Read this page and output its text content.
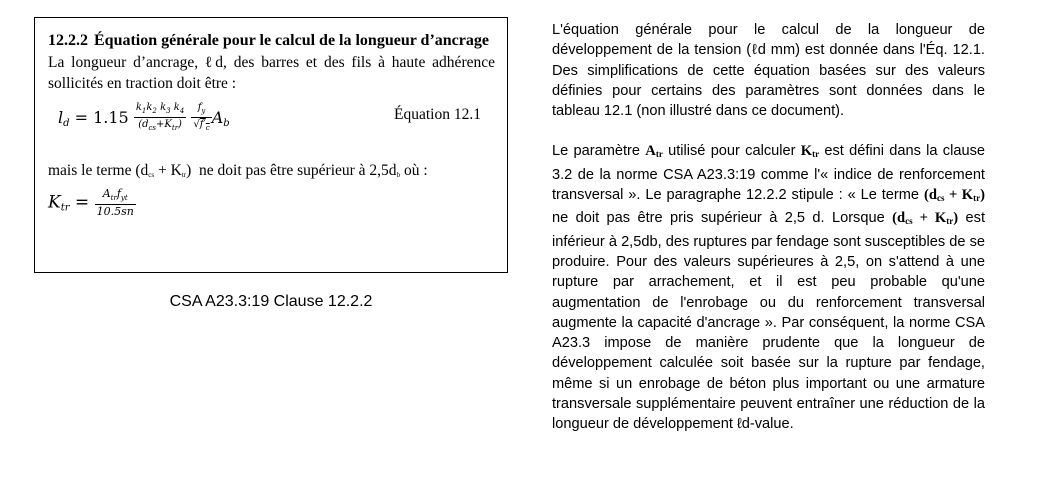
12.2.2 Équation générale pour le calcul de la longueur d’ancrage
La longueur d’ancrage, ℓd, des barres et des fils à haute adhérence sollicités en traction doit être :
$l_d = 1.15 \frac{k_1k_2 k_3 k_4}{(d_{cs}+K_{tr})}$
$\frac{f_y}{√f'_c} A_b$
Équation 12.1
mais le terme (dcs + Ktr)  ne doit pas être supérieur à 2,5db où :
$K_{tr} = \frac{A_{tr}f_{yt}}{10.5sn}$
CSA A23.3:19 Clause 12.2.2

L'équation générale pour le calcul de la longueur de développement de la tension (ℓd mm) est donnée dans l'Éq. 12.1. Des simplifications de cette équation basées sur des valeurs définies pour certains des paramètres sont données dans le tableau 12.1 (non illustré dans ce document).

Le paramètre Atr utilisé pour calculer Ktr est défini dans la clause 3.2 de la norme CSA A23.3:19 comme l'« indice de renforcement transversal ». Le paragraphe 12.2.2 stipule : « Le terme (dcs + Ktr) ne doit pas être pris supérieur à 2,5 d. Lorsque (dcs + Ktr) est inférieur à 2,5db, des ruptures par fendage sont susceptibles de se produire. Pour des valeurs supérieures à 2,5, on s'attend à une rupture par arrachement, et il est peu probable qu'une augmentation de l'enrobage ou du renforcement transversal augmente la capacité d'ancrage ». Par conséquent, la norme CSA A23.3 impose de manière prudente que la longueur de développement calculée soit basée sur la rupture par fendage, même si un enrobage de béton plus important ou une armature transversale supplémentaire peuvent entraîner une réduction de la longueur de développement ℓd-value.
